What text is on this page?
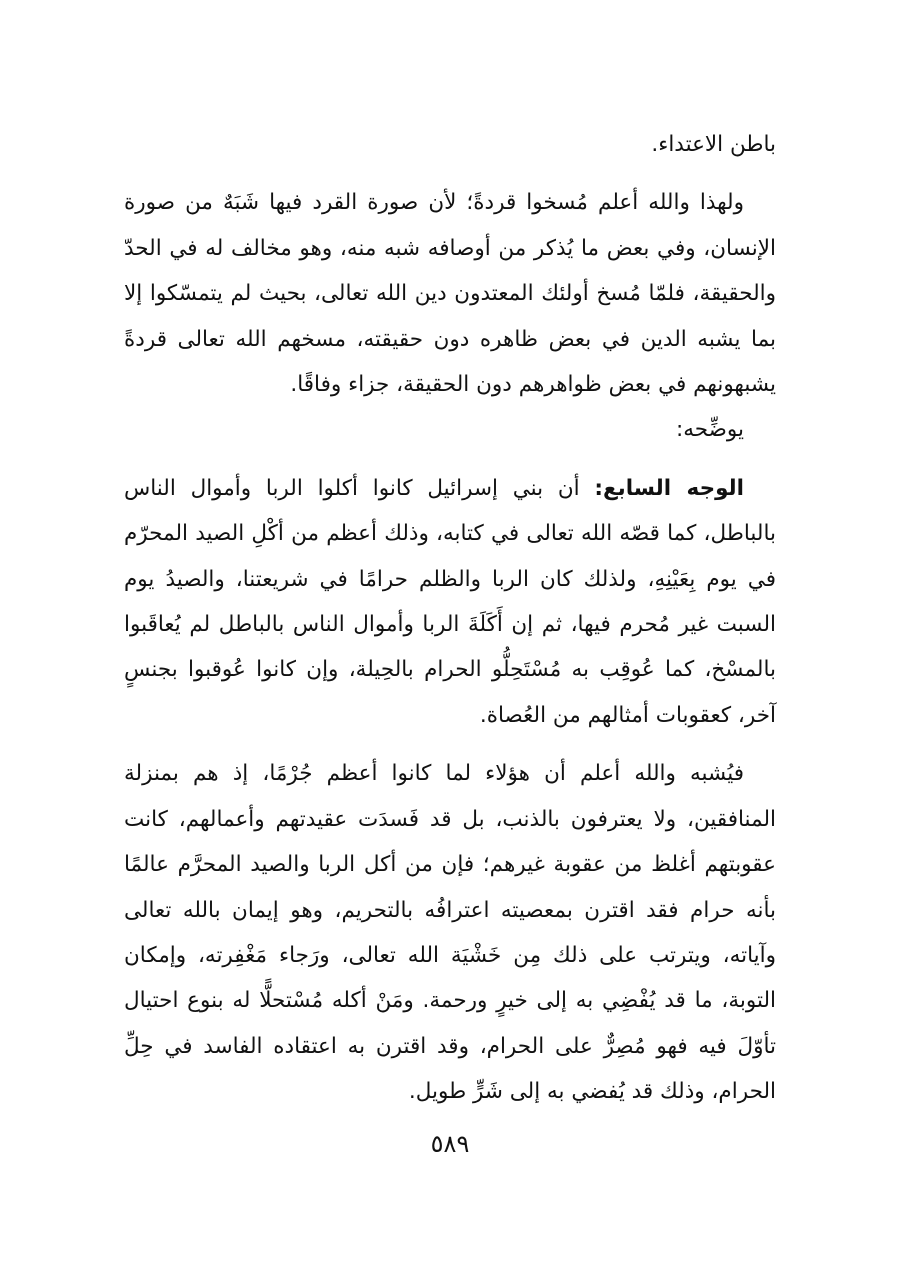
باطن الاعتداء.

ولهذا والله أعلم مُسخوا قردةً؛ لأن صورة القرد فيها شَبَهٌ من صورة الإنسان، وفي بعض ما يُذكر من أوصافه شبه منه، وهو مخالف له في الحدّ والحقيقة، فلمّا مُسخ أولئك المعتدون دين الله تعالى، بحيث لم يتمسّكوا إلا بما يشبه الدين في بعض ظاهره دون حقيقته، مسخهم الله تعالى قردةً يشبهونهم في بعض ظواهرهم دون الحقيقة، جزاء وفاقًا.

يوضِّحه:

الوجه السابع: أن بني إسرائيل كانوا أكلوا الربا وأموال الناس بالباطل، كما قصّه الله تعالى في كتابه، وذلك أعظم من أكْلِ الصيد المحرّم في يوم بِعَيْنِهِ، ولذلك كان الربا والظلم حرامًا في شريعتنا، والصيدُ يوم السبت غير مُحرم فيها، ثم إن أَكَلَةَ الربا وأموال الناس بالباطل لم يُعاقَبوا بالمسْخ، كما عُوقِب به مُسْتَحِلُّو الحرام بالحِيلة، وإن كانوا عُوقبوا بجنسٍ آخر، كعقوبات أمثالهم من العُصاة.

فيُشبه والله أعلم أن هؤلاء لما كانوا أعظم جُرْمًا، إذ هم بمنزلة المنافقين، ولا يعترفون بالذنب، بل قد فَسدَت عقيدتهم وأعمالهم، كانت عقوبتهم أغلظ من عقوبة غيرهم؛ فإن من أكل الربا والصيد المحرَّم عالمًا بأنه حرام فقد اقترن بمعصيته اعترافُه بالتحريم، وهو إيمان بالله تعالى وآياته، ويترتب على ذلك مِن خَشْيَة الله تعالى، ورَجاء مَغْفِرته، وإمكان التوبة، ما قد يُفْضِي به إلى خيرٍ ورحمة. ومَنْ أكله مُسْتحلًّا له بنوع احتيال تأوّلَ فيه فهو مُصِرٌّ على الحرام، وقد اقترن به اعتقاده الفاسد في حِلِّ الحرام، وذلك قد يُفضي به إلى شَرٍّ طويل.

٥٨٩
